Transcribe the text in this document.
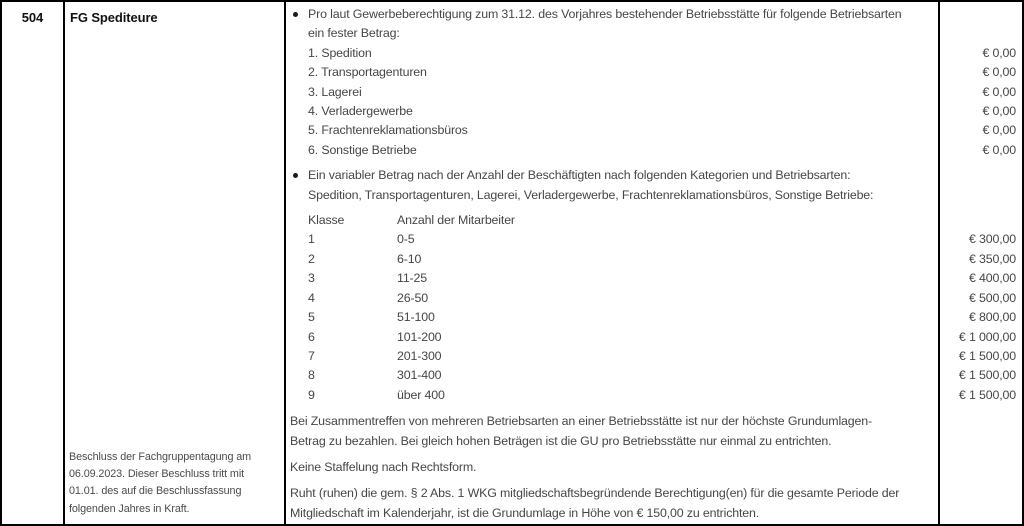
504	FG Spediteure
Beschluss der Fachgruppentagung am
06.09.2023. Dieser Beschluss tritt mit
01.01. des auf die Beschlussfassung
folgenden Jahres in Kraft.
Pro laut Gewerbeberechtigung zum 31.12. des Vorjahres bestehender Betriebsstätte für folgende Betriebsarten
ein fester Betrag:
1. Spedition	€ 0,00
2. Transportagenturen	€ 0,00
3. Lagerei	€ 0,00
4. Verladergewerbe	€ 0,00
5. Frachtenreklamationsbüros	€ 0,00
6. Sonstige Betriebe	€ 0,00
Ein variabler Betrag nach der Anzahl der Beschäftigten nach folgenden Kategorien und Betriebsarten:
Spedition, Transportagenturen, Lagerei, Verladergewerbe, Frachtenreklamationsbüros, Sonstige Betriebe:
Klasse	Anzahl der Mitarbeiter
1	0-5	€ 300,00
2	6-10	€ 350,00
3	11-25	€ 400,00
4	26-50	€ 500,00
5	51-100	€ 800,00
6	101-200	€ 1 000,00
7	201-300	€ 1 500,00
8	301-400	€ 1 500,00
9	über 400	€ 1 500,00
Bei Zusammentreffen von mehreren Betriebsarten an einer Betriebsstätte ist nur der höchste Grundumlagen-
Betrag zu bezahlen. Bei gleich hohen Beträgen ist die GU pro Betriebsstätte nur einmal zu entrichten.
Keine Staffelung nach Rechtsform.
Ruht (ruhen) die gem. § 2 Abs. 1 WKG mitgliedschaftsbegründende Berechtigung(en) für die gesamte Periode der
Mitgliedschaft im Kalenderjahr, ist die Grundumlage in Höhe von € 150,00 zu entrichten.
